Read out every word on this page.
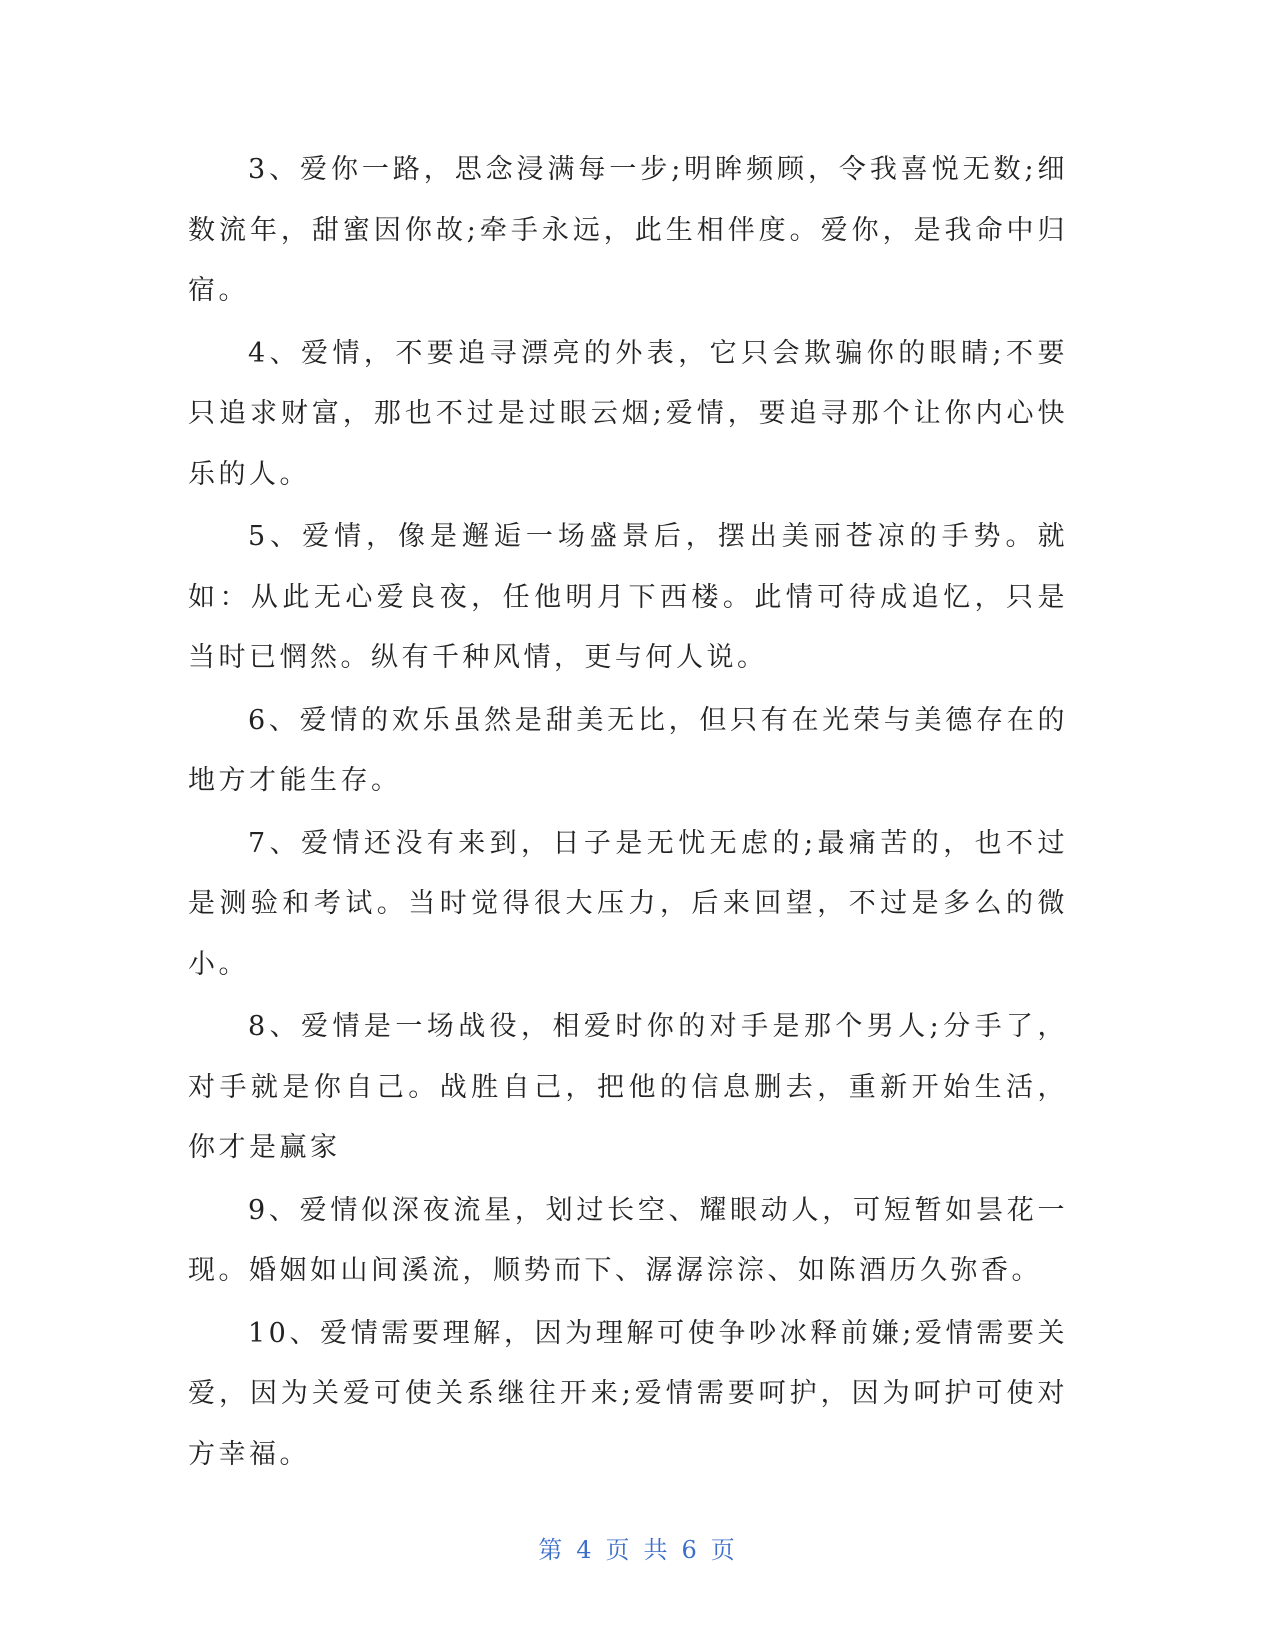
3、爱你一路，思念浸满每一步;明眸频顾，令我喜悦无数;细数流年，甜蜜因你故;牵手永远，此生相伴度。爱你，是我命中归宿。

4、爱情，不要追寻漂亮的外表，它只会欺骗你的眼睛;不要只追求财富，那也不过是过眼云烟;爱情，要追寻那个让你内心快乐的人。

5、爱情，像是邂逅一场盛景后，摆出美丽苍凉的手势。就如：从此无心爱良夜，任他明月下西楼。此情可待成追忆，只是当时已惘然。纵有千种风情，更与何人说。

6、爱情的欢乐虽然是甜美无比，但只有在光荣与美德存在的地方才能生存。

7、爱情还没有来到，日子是无忧无虑的;最痛苦的，也不过是测验和考试。当时觉得很大压力，后来回望，不过是多么的微小。

8、爱情是一场战役，相爱时你的对手是那个男人;分手了，对手就是你自己。战胜自己，把他的信息删去，重新开始生活，你才是赢家

9、爱情似深夜流星，划过长空、耀眼动人，可短暂如昙花一现。婚姻如山间溪流，顺势而下、潺潺淙淙、如陈酒历久弥香。

10、爱情需要理解，因为理解可使争吵冰释前嫌;爱情需要关爱，因为关爱可使关系继往开来;爱情需要呵护，因为呵护可使对方幸福。

第 4 页 共 6 页
